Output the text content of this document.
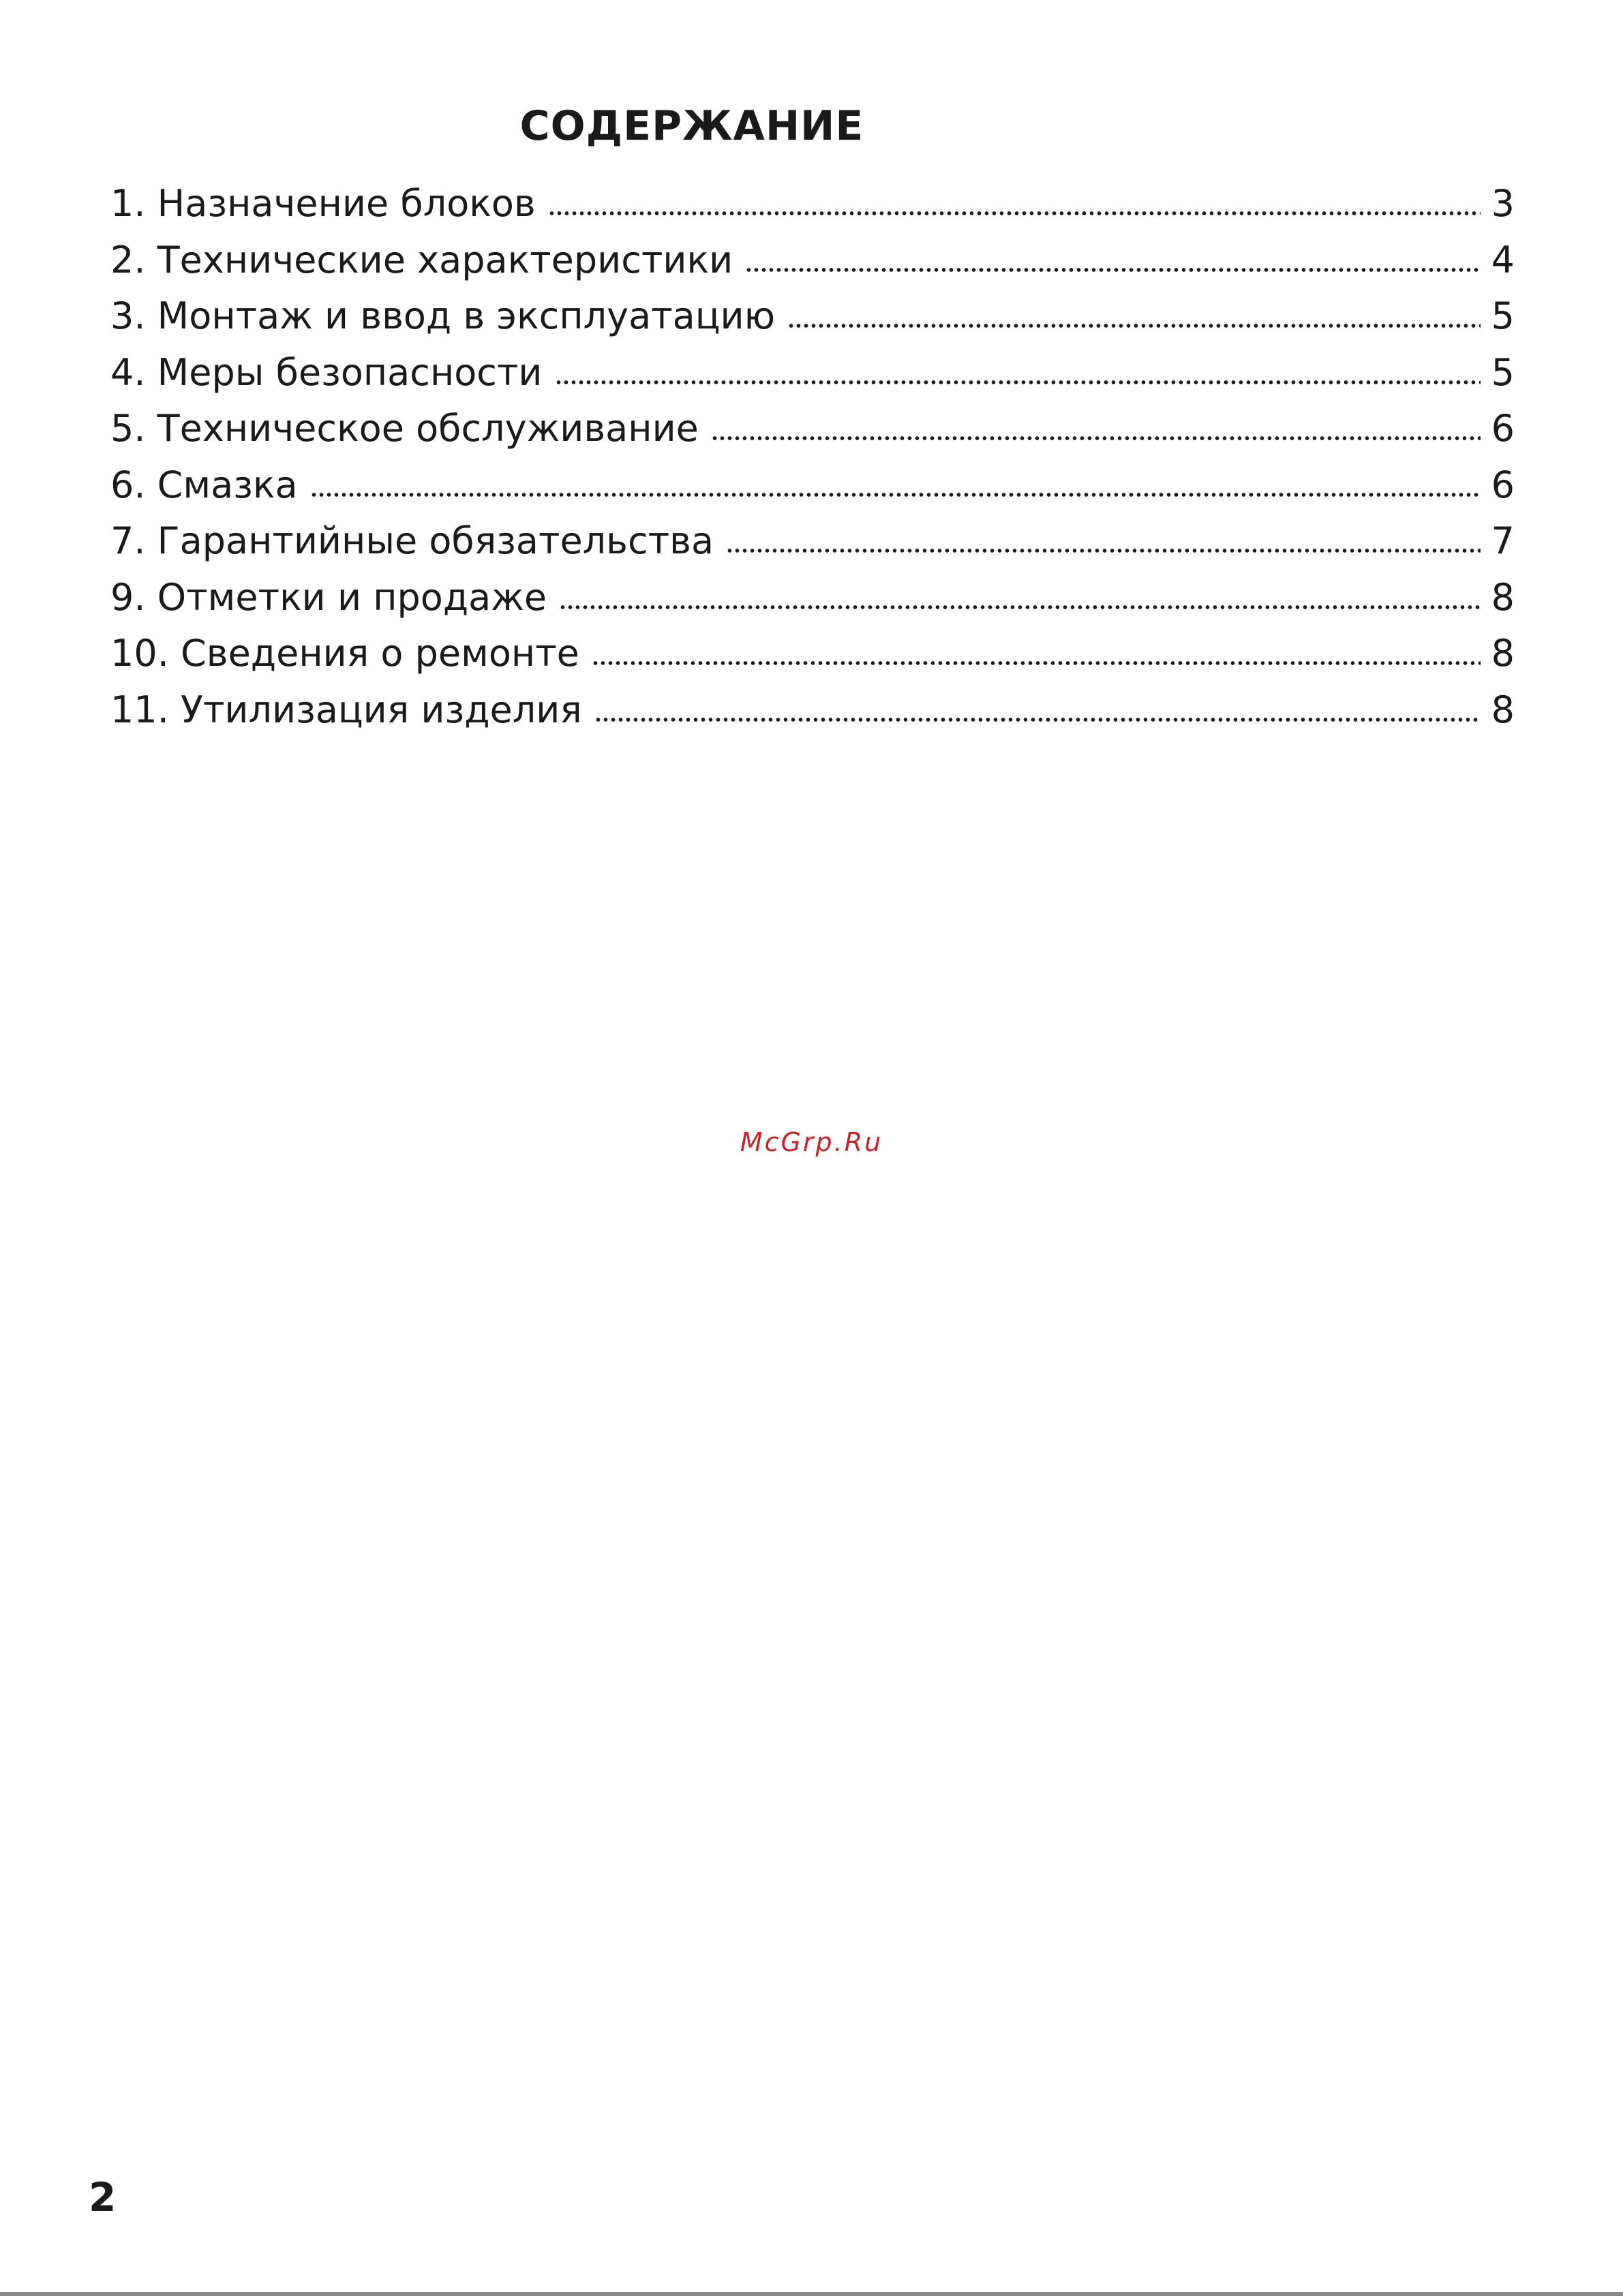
СОДЕРЖАНИЕ
1. Назначение блоков	3
2. Технические характеристики	4
3. Монтаж и ввод в эксплуатацию	5
4. Меры безопасности	5
5. Техническое обслуживание	6
6. Смазка	6
7. Гарантийные обязательства	7
9. Отметки и продаже	8
10. Сведения о ремонте	8
11. Утилизация изделия	8
McGrp.Ru
2
